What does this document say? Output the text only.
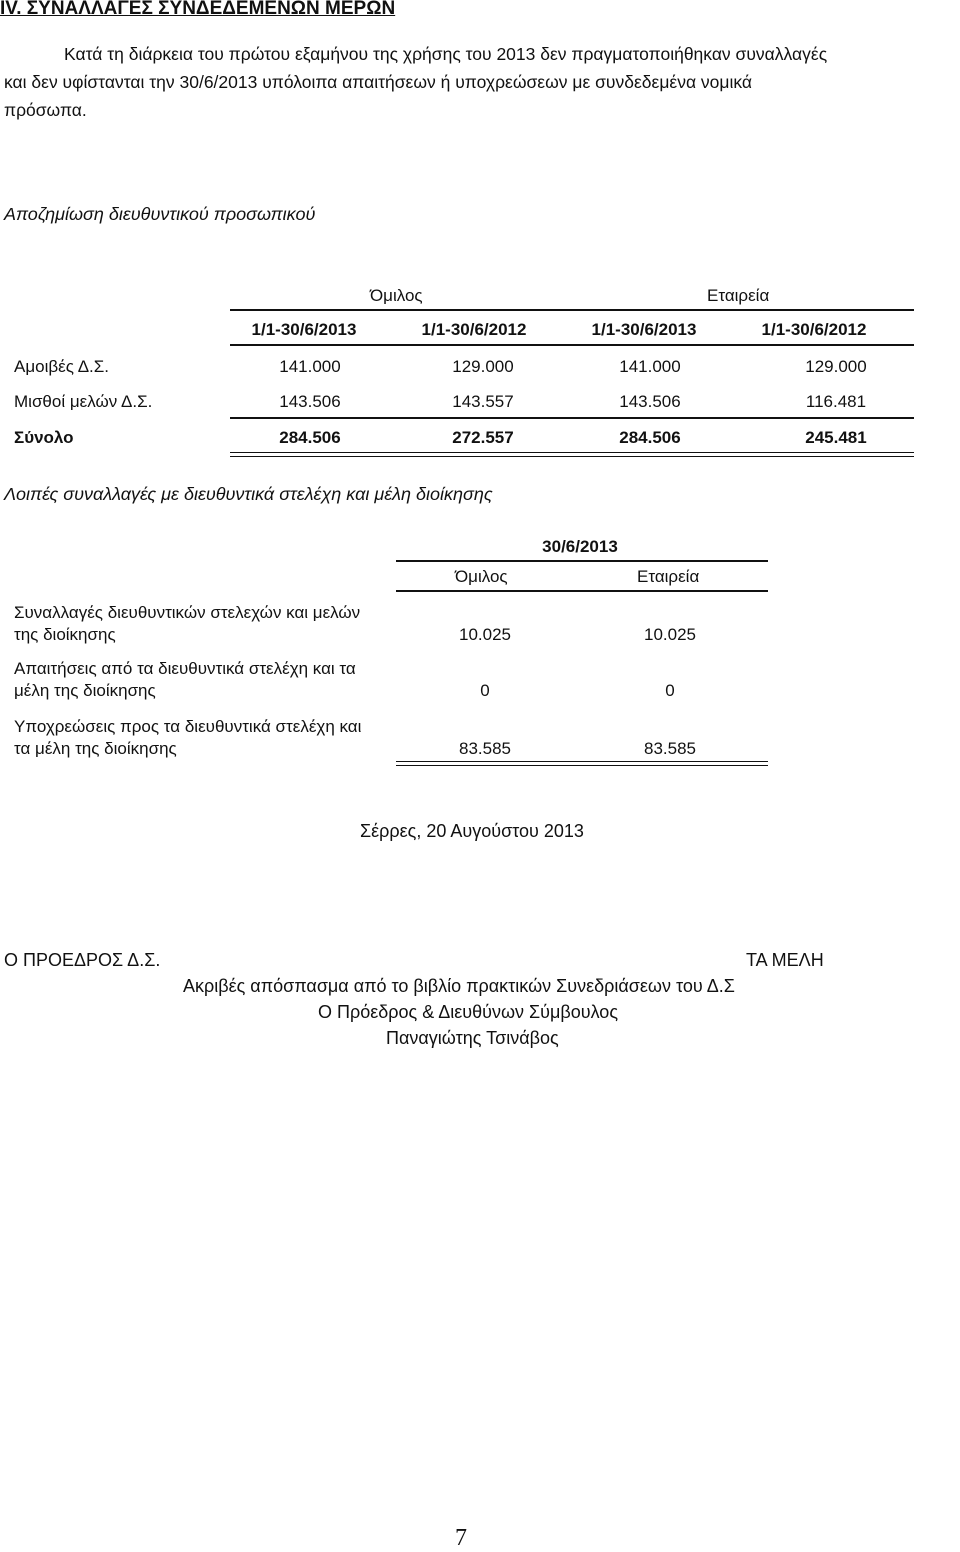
IV. ΣΥΝΑΛΛΑΓΕΣ ΣΥΝΔΕΔΕΜΕΝΩΝ ΜΕΡΩΝ
Κατά τη διάρκεια του πρώτου εξαμήνου της χρήσης του 2013 δεν πραγματοποιήθηκαν συναλλαγές
και δεν υφίστανται την 30/6/2013 υπόλοιπα απαιτήσεων ή υποχρεώσεων με συνδεδεμένα νομικά
πρόσωπα.
Αποζημίωση διευθυντικού προσωπικού
Όμιλος	Εταιρεία
1/1-30/6/2013	1/1-30/6/2012	1/1-30/6/2013	1/1-30/6/2012
Αμοιβές Δ.Σ.	141.000	129.000	141.000	129.000
Μισθοί μελών Δ.Σ.	143.506	143.557	143.506	116.481
Σύνολο	284.506	272.557	284.506	245.481
Λοιπές συναλλαγές με διευθυντικά στελέχη και μέλη διοίκησης
30/6/2013
Όμιλος	Εταιρεία
Συναλλαγές διευθυντικών στελεχών και μελών
της διοίκησης	10.025	10.025
Απαιτήσεις από τα διευθυντικά στελέχη και τα
μέλη της διοίκησης	0	0
Υποχρεώσεις προς τα διευθυντικά στελέχη και
τα μέλη της διοίκησης	83.585	83.585
Σέρρες, 20 Αυγούστου 2013
Ο ΠΡΟΕΔΡΟΣ Δ.Σ.	ΤΑ ΜΕΛΗ
Ακριβές απόσπασμα από το βιβλίο πρακτικών Συνεδριάσεων του Δ.Σ
Ο Πρόεδρος & Διευθύνων Σύμβουλος
Παναγιώτης Τσινάβος
7
